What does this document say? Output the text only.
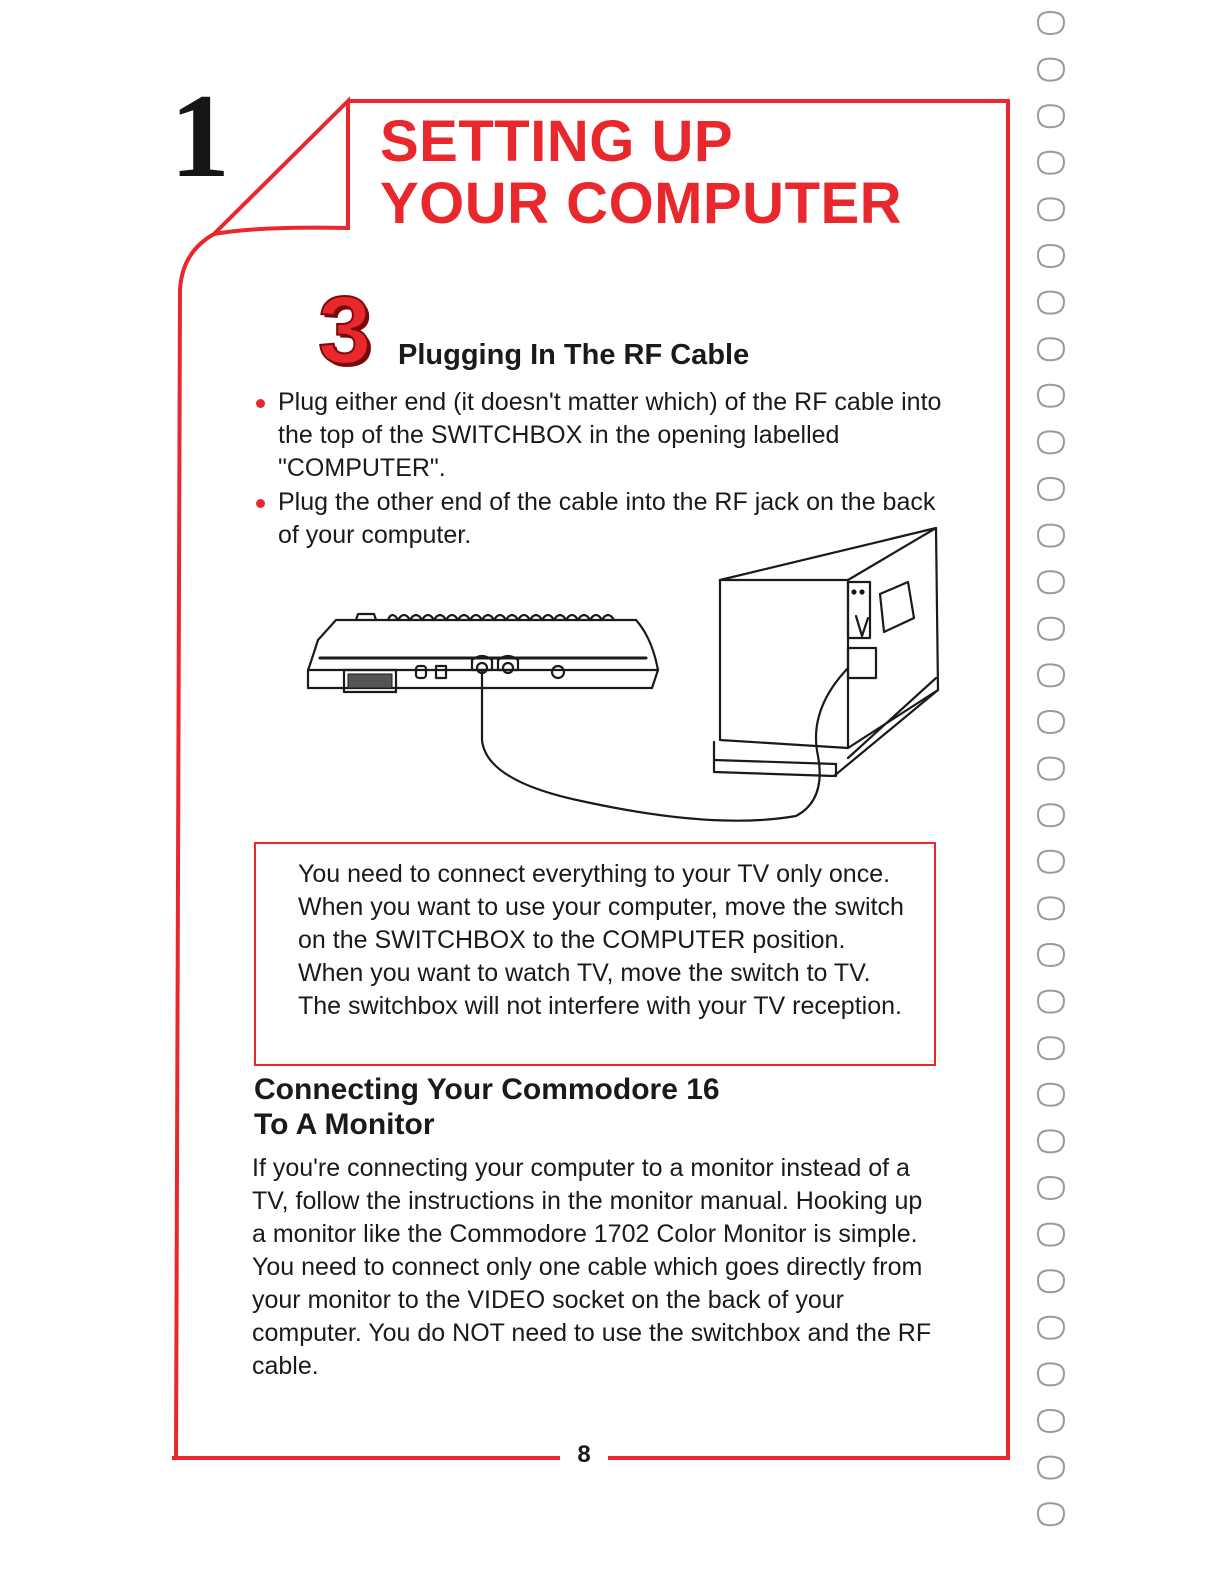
1	SETTING UP
YOUR COMPUTER
3 Plugging In The RF Cable
Plug either end (it doesn't matter which) of the RF cable into the top of the SWITCHBOX in the opening labelled "COMPUTER".
Plug the other end of the cable into the RF jack on the back of your computer.
You need to connect everything to your TV only once. When you want to use your computer, move the switch on the SWITCHBOX to the COMPUTER position. When you want to watch TV, move the switch to TV. The switchbox will not interfere with your TV reception.
Connecting Your Commodore 16
To A Monitor
If you're connecting your computer to a monitor instead of a TV, follow the instructions in the monitor manual. Hooking up a monitor like the Commodore 1702 Color Monitor is simple. You need to connect only one cable which goes directly from your monitor to the VIDEO socket on the back of your computer. You do NOT need to use the switchbox and the RF cable.
8
